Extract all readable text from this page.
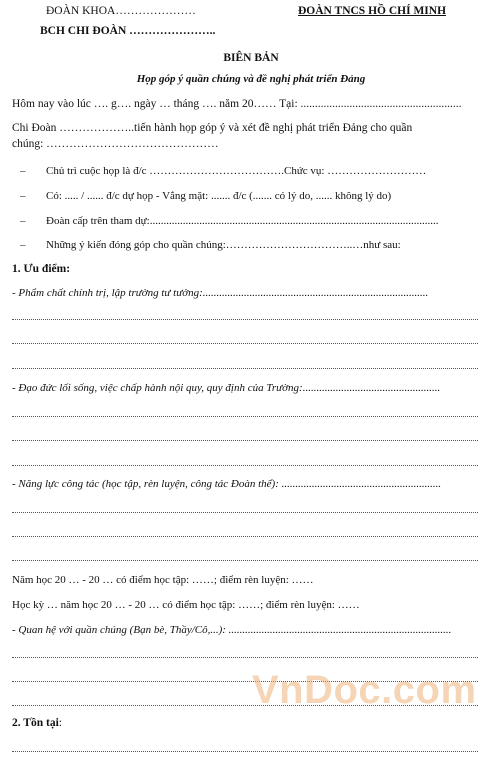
ĐOÀN KHOA…………………	ĐOÀN TNCS HỒ CHÍ MINH
BCH CHI ĐOÀN …………………..
BIÊN BẢN
Họp góp ý quần chúng và đề nghị phát triển Đảng
Hôm nay vào lúc …. g…. ngày … tháng …. năm 20…… Tại: ........................................................
Chi Đoàn ………………..tiến hành họp góp ý và xét đề nghị phát triển Đảng cho quần
chúng: ………………………………………
– Chủ trì cuộc họp là đ/c ……………………………….Chức vụ: ………………………
– Có: ..... / ...... đ/c dự họp - Vắng mặt: ....... đ/c (....... có lý do, ...... không lý do)
– Đoàn cấp trên tham dự:.........................................................................................................
– Những ý kiến đóng góp cho quần chúng:……………………………..…như sau:
1. Ưu điểm:
- Phẩm chất chính trị, lập trường tư tưởng:..................................................................................
- Đạo đức lối sống, việc chấp hành nội quy, quy định của Trường:..................................................
- Năng lực công tác (học tập, rèn luyện, công tác Đoàn thể): ..........................................................
Năm học 20 … - 20 … có điểm học tập: ……; điểm rèn luyện: ……
Học kỳ … năm học 20 … - 20 … có điểm học tập: ……; điểm rèn luyện: ……
- Quan hệ với quần chúng (Bạn bè, Thầy/Cô,...): .................................................................................
2. Tồn tại:
VnDoc.com
